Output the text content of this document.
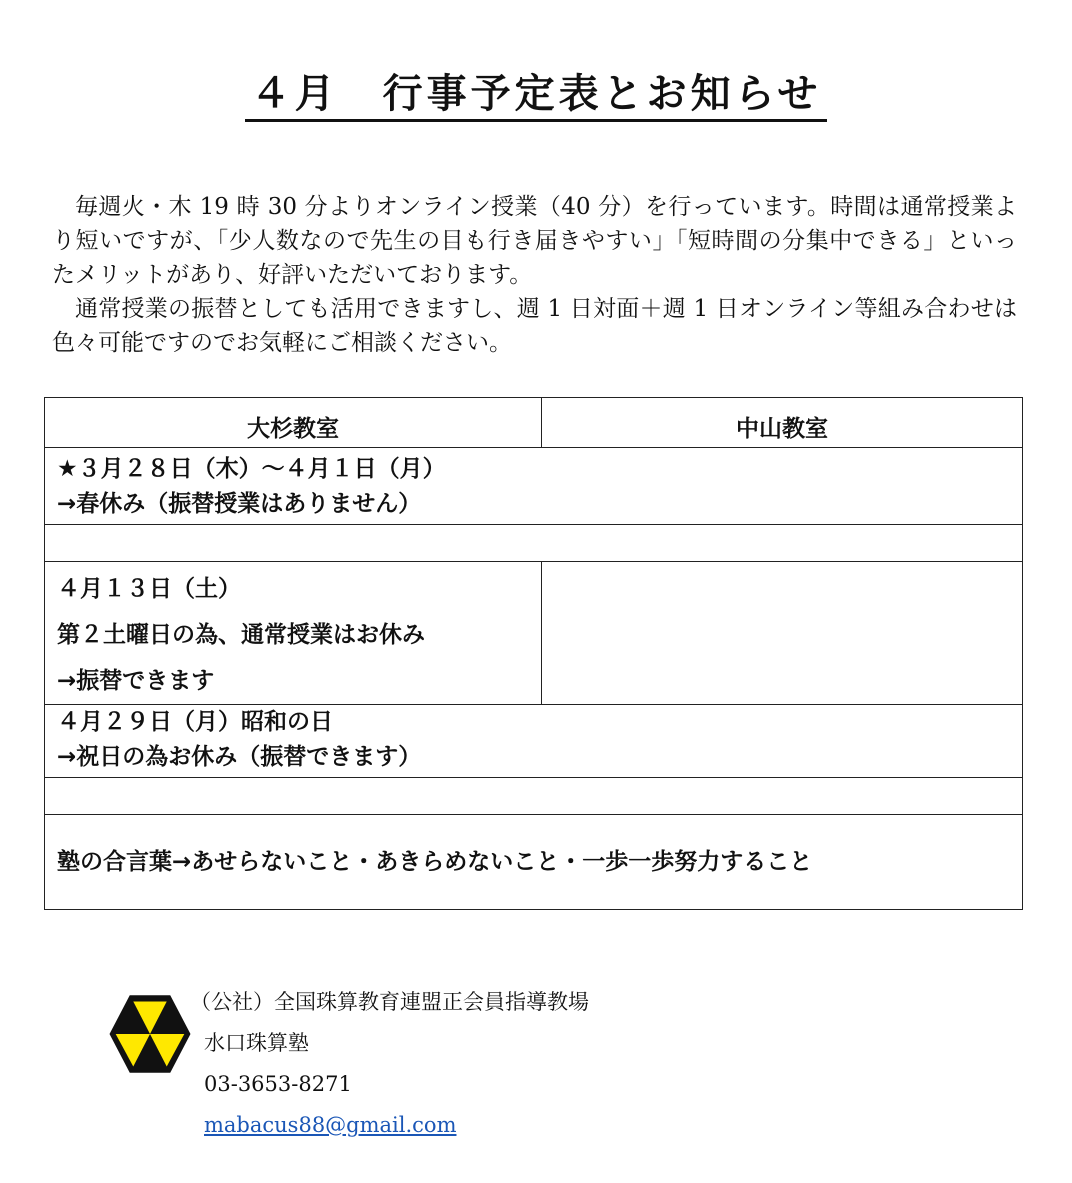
４月　行事予定表とお知らせ

毎週火・木 19 時 30 分よりオンライン授業（40 分）を行っています。時間は通常授業より短いですが、「少人数なので先生の目も行き届きやすい」「短時間の分集中できる」といったメリットがあり、好評いただいております。

通常授業の振替としても活用できますし、週 1 日対面＋週 1 日オンライン等組み合わせは色々可能ですのでお気軽にご相談ください。

大杉教室	中山教室

★３月２８日（木）～４月１日（月）
→春休み（振替授業はありません）	

４月１３日（土）
第２土曜日の為、通常授業はお休み
→振替できます	

４月２９日（月）昭和の日
→祝日の為お休み（振替できます）	

塾の合言葉→あせらないこと・あきらめないこと・一歩一歩努力すること	
（公社）全国珠算教育連盟正会員指導教場
水口珠算塾
03-3653-8271
mabacus88@gmail.com
